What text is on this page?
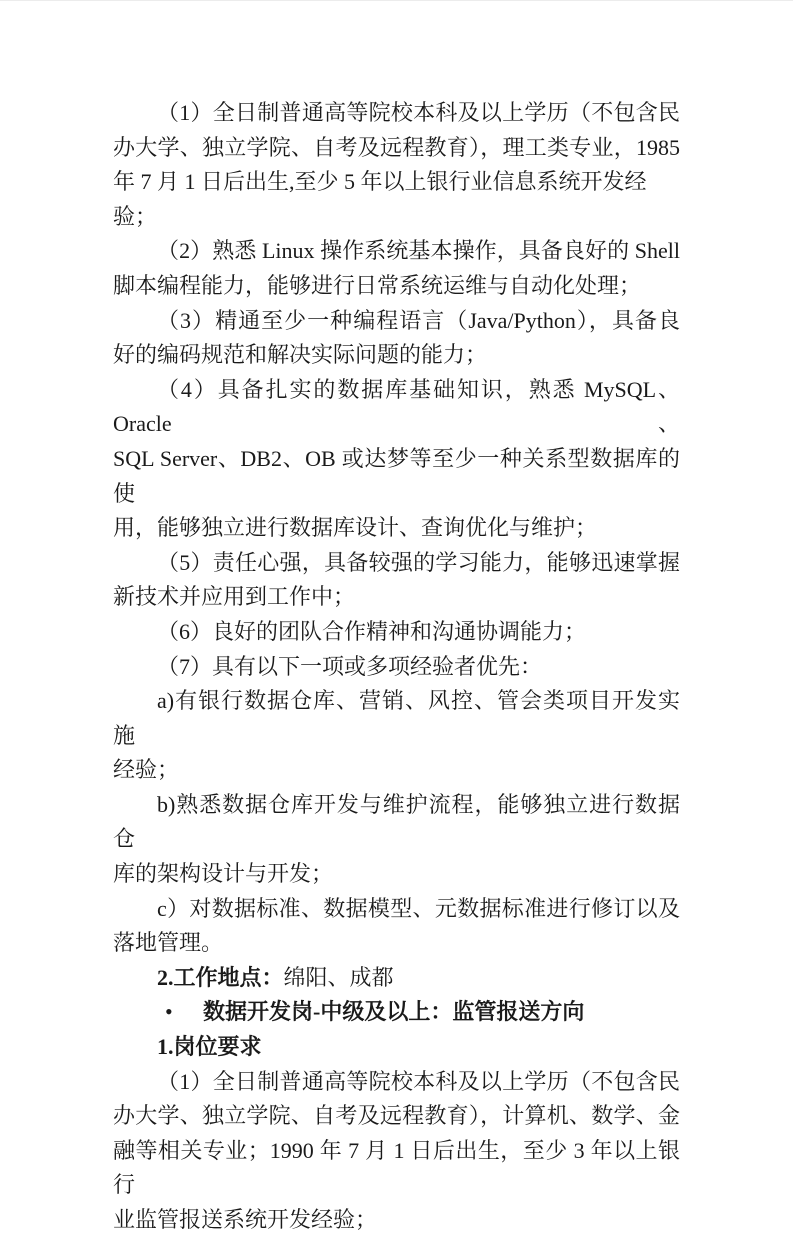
（1）全日制普通高等院校本科及以上学历（不包含民
办大学、独立学院、自考及远程教育），理工类专业，1985
年 7 月 1 日后出生,至少 5 年以上银行业信息系统开发经验；
（2）熟悉 Linux 操作系统基本操作，具备良好的 Shell
脚本编程能力，能够进行日常系统运维与自动化处理；
（3）精通至少一种编程语言（Java/Python），具备良
好的编码规范和解决实际问题的能力；
（4）具备扎实的数据库基础知识，熟悉 MySQL、Oracle、
SQL Server、DB2、OB 或达梦等至少一种关系型数据库的使
用，能够独立进行数据库设计、查询优化与维护；
（5）责任心强，具备较强的学习能力，能够迅速掌握
新技术并应用到工作中；
（6）良好的团队合作精神和沟通协调能力；
（7）具有以下一项或多项经验者优先：
a)有银行数据仓库、营销、风控、管会类项目开发实施
经验；
b)熟悉数据仓库开发与维护流程，能够独立进行数据仓
库的架构设计与开发；
c）对数据标准、数据模型、元数据标准进行修订以及
落地管理。
2.工作地点：绵阳、成都
• 数据开发岗-中级及以上：监管报送方向
1.岗位要求
（1）全日制普通高等院校本科及以上学历（不包含民
办大学、独立学院、自考及远程教育），计算机、数学、金
融等相关专业；1990 年 7 月 1 日后出生，至少 3 年以上银行
业监管报送系统开发经验；
